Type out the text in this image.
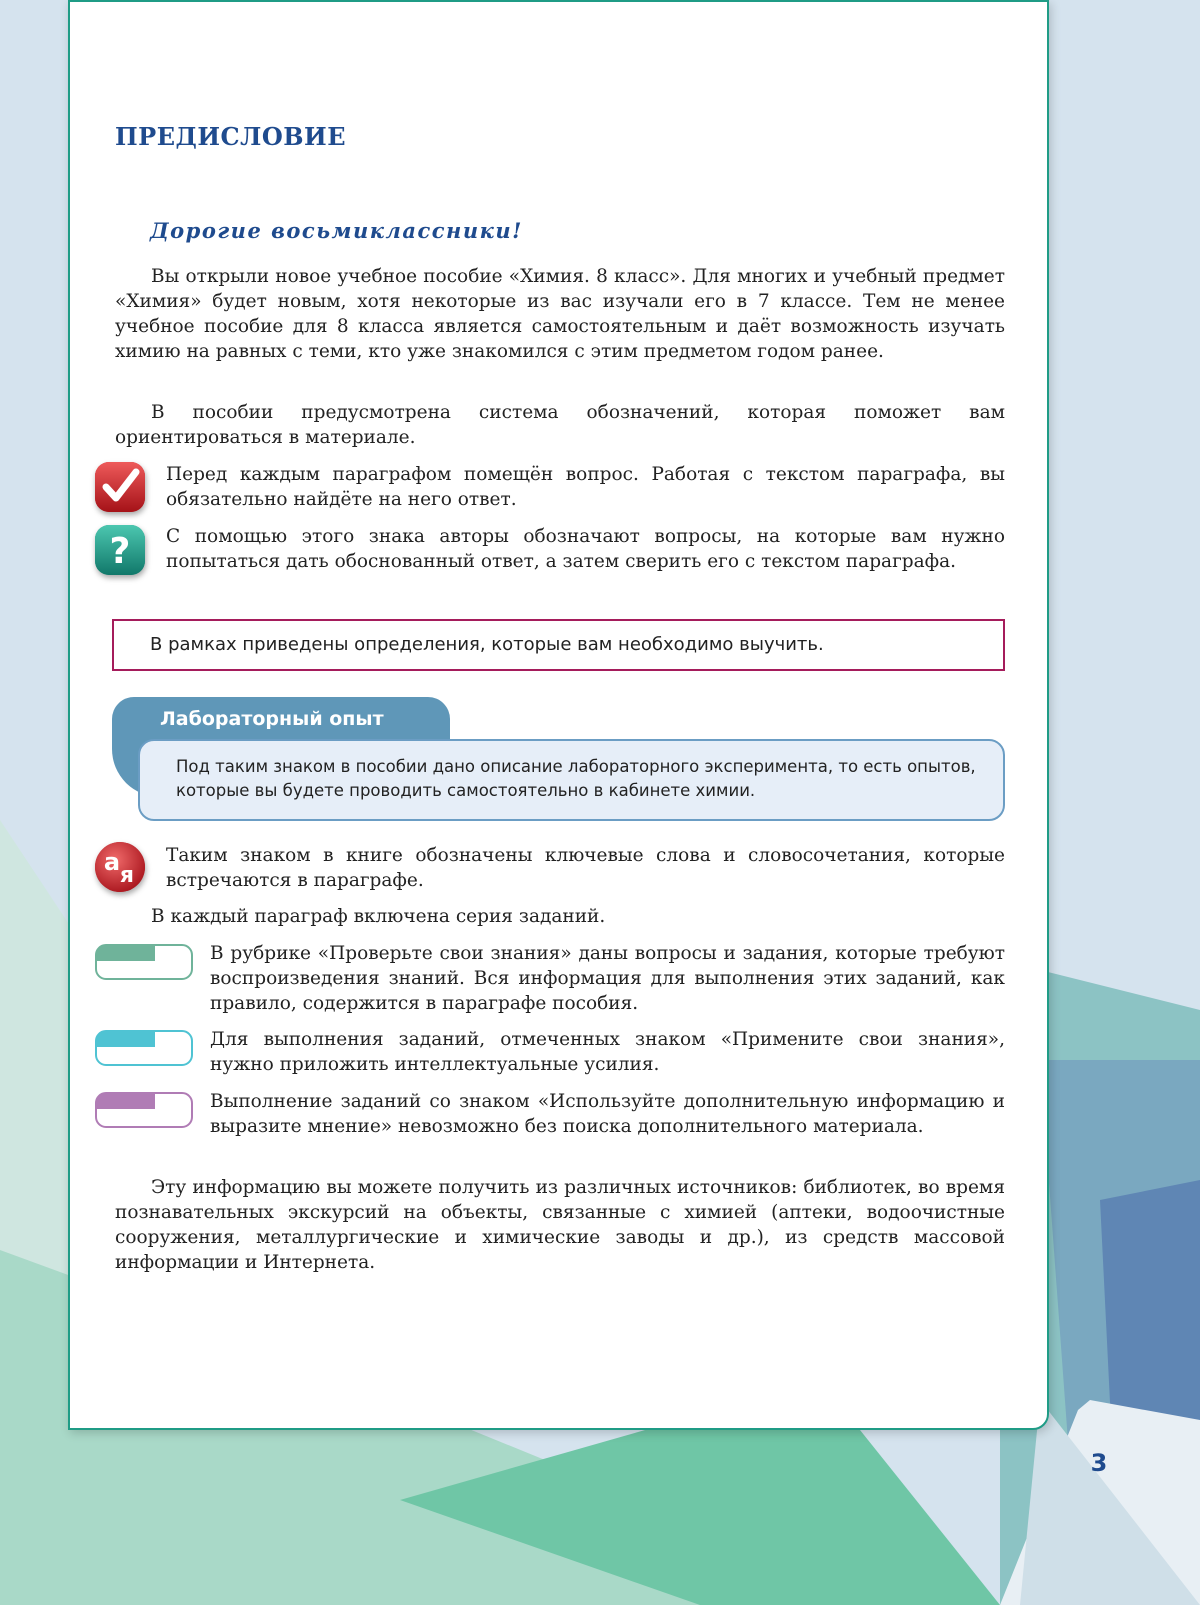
ПРЕДИСЛОВИЕ
Дорогие восьмиклассники!

Вы открыли новое учебное пособие «Химия. 8 класс». Для многих и учебный предмет «Химия» будет новым, хотя некоторые из вас изучали его в 7 классе. Тем не менее учебное пособие для 8 класса является самостоятельным и даёт возможность изучать химию на равных с теми, кто уже знакомился с этим предметом годом ранее.

В пособии предусмотрена система обозначений, которая поможет вам ориентироваться в материале.

Перед каждым параграфом помещён вопрос. Работая с текстом параграфа, вы обязательно найдёте на него ответ.

? С помощью этого знака авторы обозначают вопросы, на которые вам нужно попытаться дать обоснованный ответ, а затем сверить его с текстом параграфа.

В рамках приведены определения, которые вам необходимо выучить.

Лабораторный опыт

Под таким знаком в пособии дано описание лабораторного эксперимента, то есть опытов, которые вы будете проводить самостоятельно в кабинете химии.

а я

Таким знаком в книге обозначены ключевые слова и словосочетания, которые встречаются в параграфе.

В каждый параграф включена серия заданий.

В рубрике «Проверьте свои знания» даны вопросы и задания, которые требуют воспроизведения знаний. Вся информация для выполнения этих заданий, как правило, содержится в параграфе пособия.

Для выполнения заданий, отмеченных знаком «Примените свои знания», нужно приложить интеллектуальные усилия.

Выполнение заданий со знаком «Используйте дополнительную информацию и выразите мнение» невозможно без поиска дополнительного материала.

Эту информацию вы можете получить из различных источников: библиотек, во время познавательных экскурсий на объекты, связанные с химией (аптеки, водоочистные сооружения, металлургические и химические заводы и др.), из средств массовой информации и Интернета.

3
